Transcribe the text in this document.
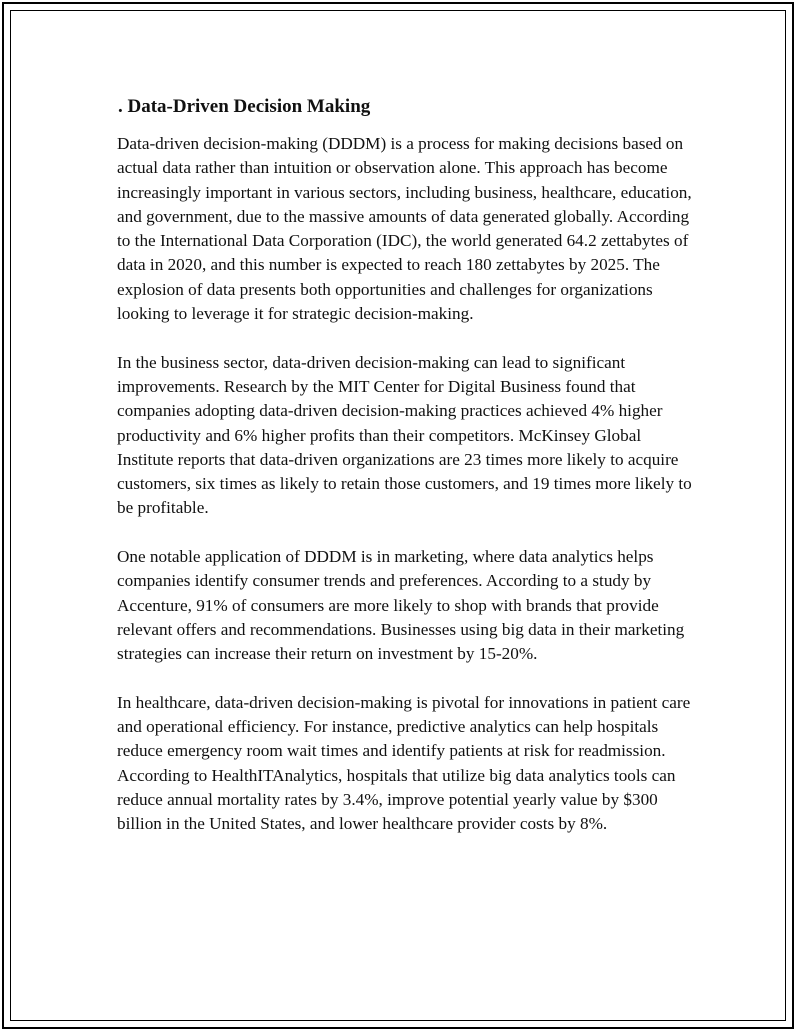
. Data-Driven Decision Making

Data-driven decision-making (DDDM) is a process for making decisions based on actual data rather than intuition or observation alone. This approach has become increasingly important in various sectors, including business, healthcare, education, and government, due to the massive amounts of data generated globally. According to the International Data Corporation (IDC), the world generated 64.2 zettabytes of data in 2020, and this number is expected to reach 180 zettabytes by 2025. The explosion of data presents both opportunities and challenges for organizations looking to leverage it for strategic decision-making.

In the business sector, data-driven decision-making can lead to significant improvements. Research by the MIT Center for Digital Business found that companies adopting data-driven decision-making practices achieved 4% higher productivity and 6% higher profits than their competitors. McKinsey Global Institute reports that data-driven organizations are 23 times more likely to acquire customers, six times as likely to retain those customers, and 19 times more likely to be profitable.

One notable application of DDDM is in marketing, where data analytics helps companies identify consumer trends and preferences. According to a study by Accenture, 91% of consumers are more likely to shop with brands that provide relevant offers and recommendations. Businesses using big data in their marketing strategies can increase their return on investment by 15-20%.

In healthcare, data-driven decision-making is pivotal for innovations in patient care and operational efficiency. For instance, predictive analytics can help hospitals reduce emergency room wait times and identify patients at risk for readmission. According to HealthITAnalytics, hospitals that utilize big data analytics tools can reduce annual mortality rates by 3.4%, improve potential yearly value by $300 billion in the United States, and lower healthcare provider costs by 8%.
